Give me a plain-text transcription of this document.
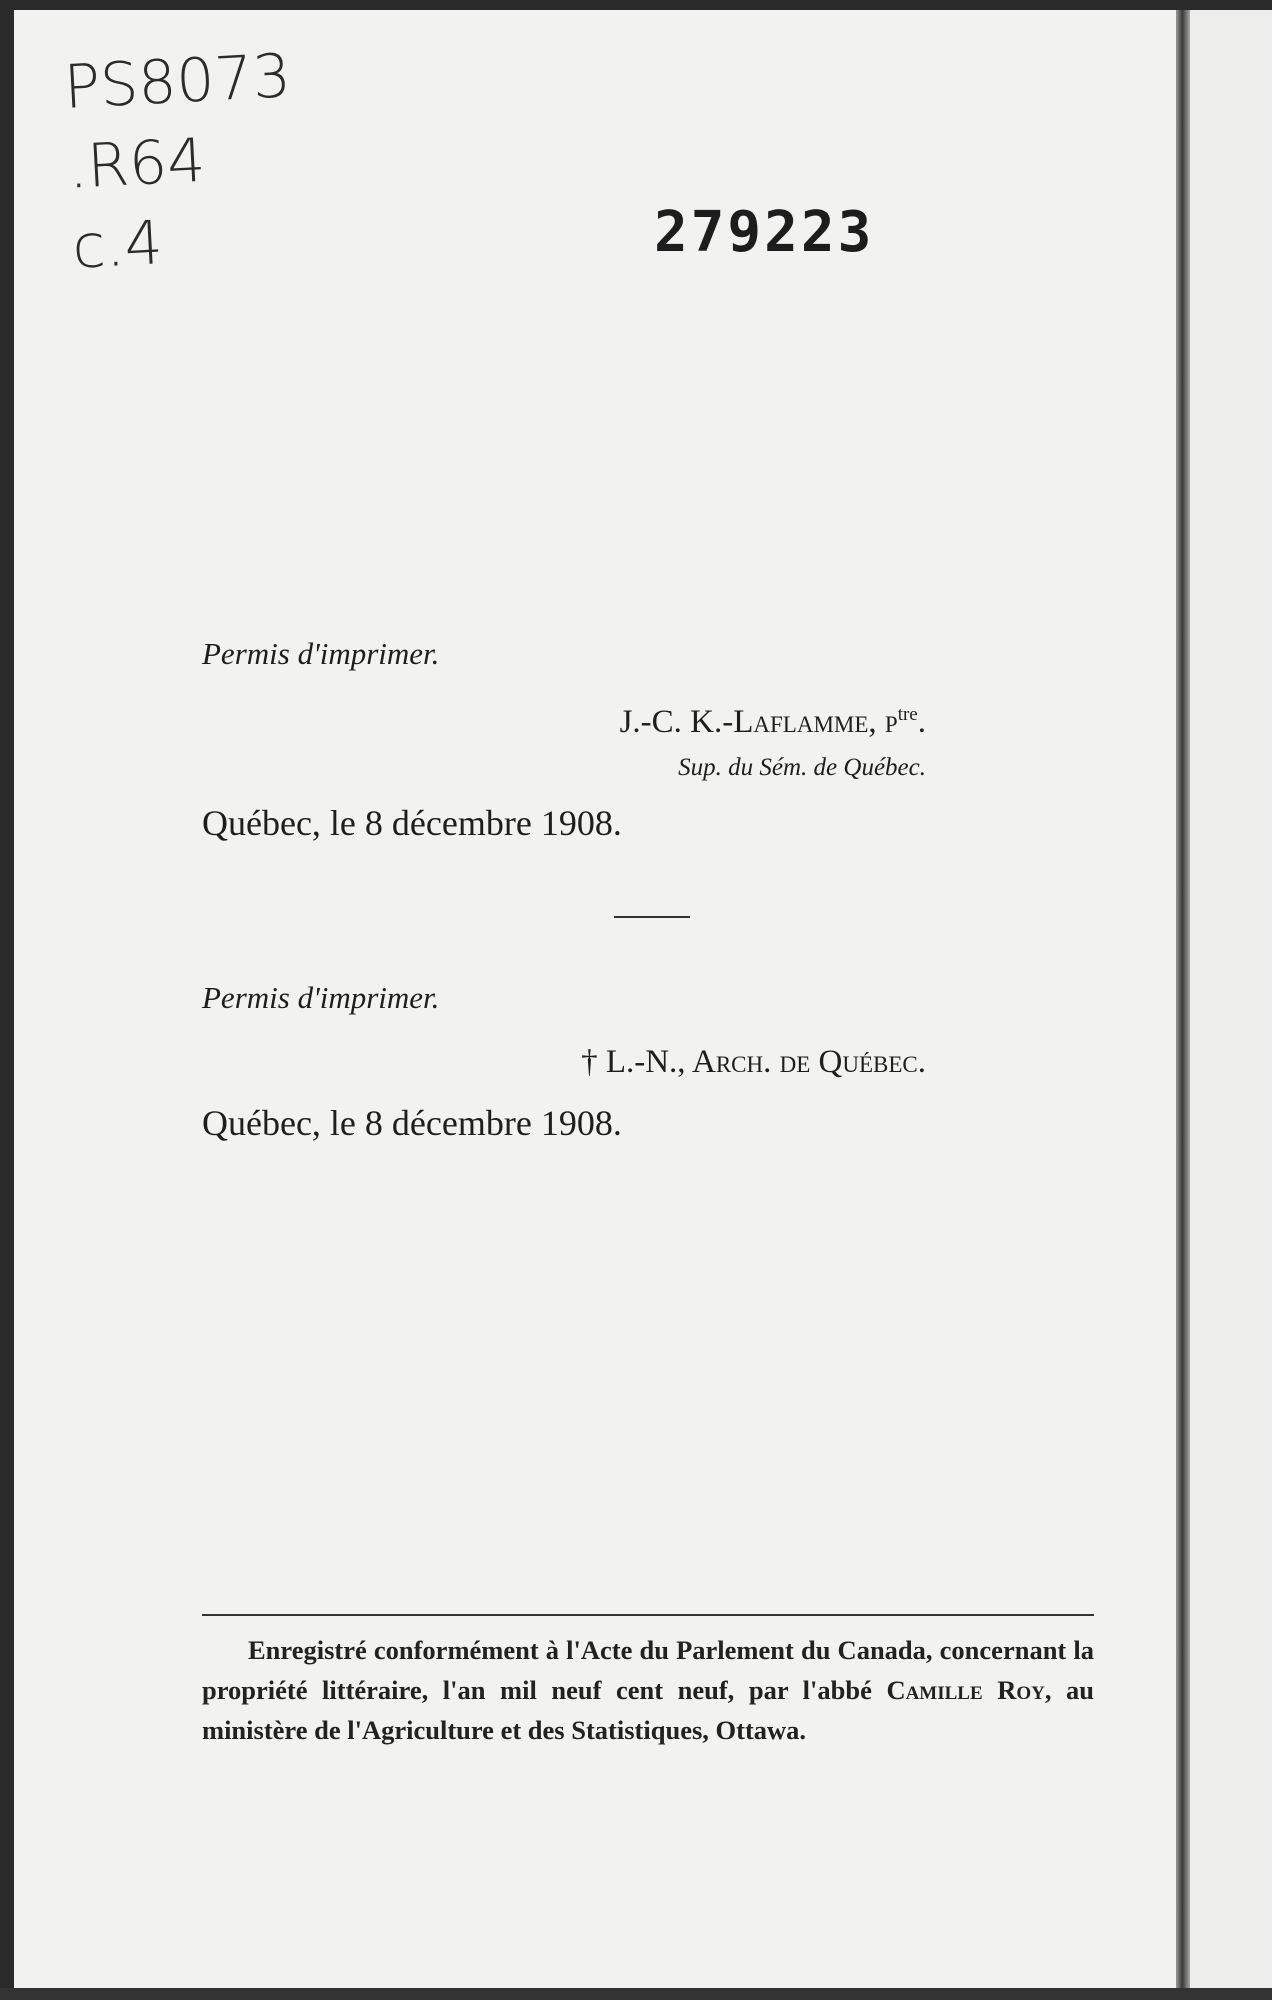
PS8073
.R64
c.4	279223
Permis d'imprimer.
J.-C. K.-Laflamme, $p^{tre}$.
Sup. du Sém. de Québec.
Québec, le 8 décembre 1908.
Permis d'imprimer.
† L.-N., Arch. de Québec.
Québec, le 8 décembre 1908.
Enregistré conformément à l'Acte du Parlement du Canada, concernant la propriété littéraire, l'an mil neuf cent neuf, par l'abbé Camille Roy, au ministère de l'Agriculture et des Statistiques, Ottawa.
